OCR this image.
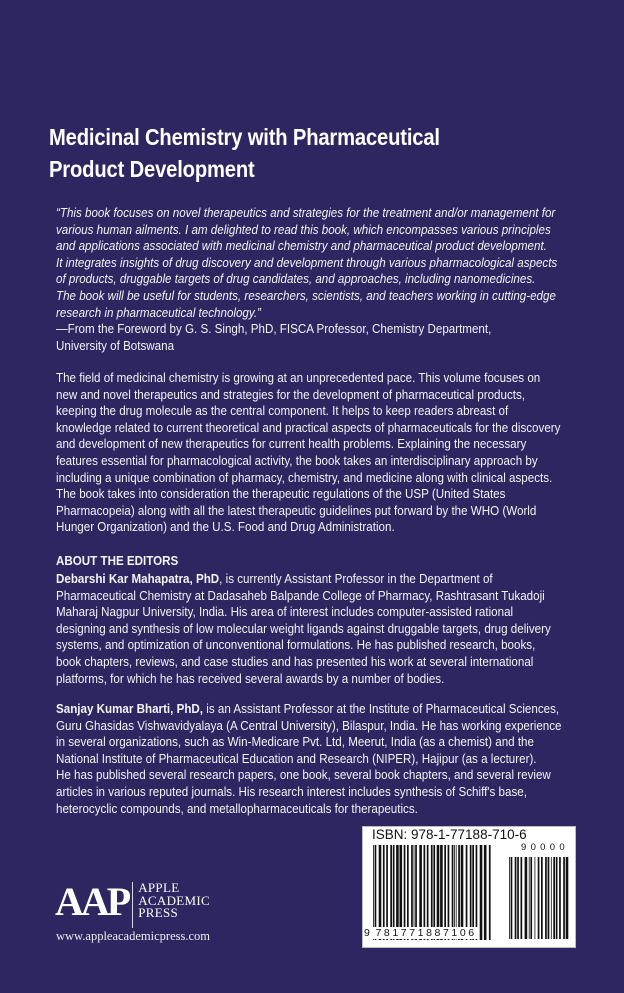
Medicinal Chemistry with Pharmaceutical
Product Development
“This book focuses on novel therapeutics and strategies for the treatment and/or management for
various human ailments. I am delighted to read this book, which encompasses various principles
and applications associated with medicinal chemistry and pharmaceutical product development.
It integrates insights of drug discovery and development through various pharmacological aspects
of products, druggable targets of drug candidates, and approaches, including nanomedicines.
The book will be useful for students, researchers, scientists, and teachers working in cutting-edge
research in pharmaceutical technology.”
—From the Foreword by G. S. Singh, PhD, FISCA Professor, Chemistry Department,
University of Botswana
The field of medicinal chemistry is growing at an unprecedented pace. This volume focuses on
new and novel therapeutics and strategies for the development of pharmaceutical products,
keeping the drug molecule as the central component. It helps to keep readers abreast of
knowledge related to current theoretical and practical aspects of pharmaceuticals for the discovery
and development of new therapeutics for current health problems. Explaining the necessary
features essential for pharmacological activity, the book takes an interdisciplinary approach by
including a unique combination of pharmacy, chemistry, and medicine along with clinical aspects.
The book takes into consideration the therapeutic regulations of the USP (United States
Pharmacopeia) along with all the latest therapeutic guidelines put forward by the WHO (World
Hunger Organization) and the U.S. Food and Drug Administration.
ABOUT THE EDITORS
Debarshi Kar Mahapatra, PhD, is currently Assistant Professor in the Department of
Pharmaceutical Chemistry at Dadasaheb Balpande College of Pharmacy, Rashtrasant Tukadoji
Maharaj Nagpur University, India. His area of interest includes computer-assisted rational
designing and synthesis of low molecular weight ligands against druggable targets, drug delivery
systems, and optimization of unconventional formulations. He has published research, books,
book chapters, reviews, and case studies and has presented his work at several international
platforms, for which he has received several awards by a number of bodies.
Sanjay Kumar Bharti, PhD, is an Assistant Professor at the Institute of Pharmaceutical Sciences,
Guru Ghasidas Vishwavidyalaya (A Central University), Bilaspur, India. He has working experience
in several organizations, such as Win-Medicare Pvt. Ltd, Meerut, India (as a chemist) and the
National Institute of Pharmaceutical Education and Research (NIPER), Hajipur (as a lecturer).
He has published several research papers, one book, several book chapters, and several review
articles in various reputed journals. His research interest includes synthesis of Schiff's base,
heterocyclic compounds, and metallopharmaceuticals for therapeutics.
AAP APPLE
ACADEMIC
PRESS
www.appleacademicpress.com
ISBN: 978-1-77188-710-6
90000
9 781771887106
